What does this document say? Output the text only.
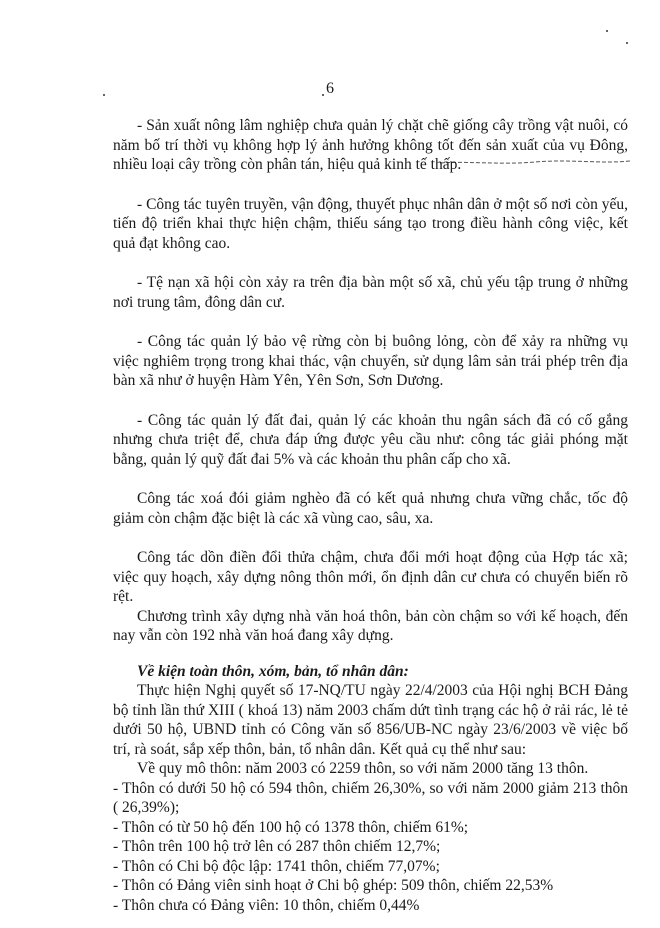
6

- Sản xuất nông lâm nghiệp chưa quản lý chặt chẽ giống cây trồng vật nuôi, có năm bố trí thời vụ không hợp lý ảnh hưởng không tốt đến sản xuất của vụ Đông, nhiều loại cây trồng còn phân tán, hiệu quả kinh tế thấp.

- Công tác tuyên truyền, vận động, thuyết phục nhân dân ở một số nơi còn yếu, tiến độ triển khai thực hiện chậm, thiếu sáng tạo trong điều hành công việc, kết quả đạt không cao.

- Tệ nạn xã hội còn xảy ra trên địa bàn một số xã, chủ yếu tập trung ở những nơi trung tâm, đông dân cư.

- Công tác quản lý bảo vệ rừng còn bị buông lỏng, còn để xảy ra những vụ việc nghiêm trọng trong khai thác, vận chuyển, sử dụng lâm sản trái phép trên địa bàn xã như ở huyện Hàm Yên, Yên Sơn, Sơn Dương.

- Công tác quản lý đất đai, quản lý các khoản thu ngân sách đã có cố gắng nhưng chưa triệt để, chưa đáp ứng được yêu cầu như: công tác giải phóng mặt bằng, quản lý quỹ đất đai 5% và các khoản thu phân cấp cho xã.

Công tác xoá đói giảm nghèo đã có kết quả nhưng chưa vững chắc, tốc độ giảm còn chậm đặc biệt là các xã vùng cao, sâu, xa.

Công tác dồn điền đổi thửa chậm, chưa đổi mới hoạt động của Hợp tác xã; việc quy hoạch, xây dựng nông thôn mới, ổn định dân cư chưa có chuyển biến rõ rệt.

Chương trình xây dựng nhà văn hoá thôn, bản còn chậm so với kế hoạch, đến nay vẫn còn 192 nhà văn hoá đang xây dựng.

Về kiện toàn thôn, xóm, bản, tổ nhân dân:

Thực hiện Nghị quyết số 17-NQ/TU ngày 22/4/2003 của Hội nghị BCH Đảng bộ tỉnh lần thứ XIII ( khoá 13) năm 2003 chấm dứt tình trạng các hộ ở rải rác, lẻ tẻ dưới 50 hộ, UBND tỉnh có Công văn số 856/UB-NC ngày 23/6/2003 về việc bố trí, rà soát, sắp xếp thôn, bản, tổ nhân dân. Kết quả cụ thể như sau:

Về quy mô thôn: năm 2003 có 2259 thôn, so với năm 2000 tăng 13 thôn.

- Thôn có dưới 50 hộ có 594 thôn, chiếm 26,30%, so với năm 2000 giảm 213 thôn ( 26,39%);

- Thôn có từ 50 hộ đến 100 hộ có 1378 thôn, chiếm 61%;

- Thôn trên 100 hộ trở lên có 287 thôn chiếm 12,7%;

- Thôn có Chi bộ độc lập: 1741 thôn, chiếm 77,07%;

- Thôn có Đảng viên sinh hoạt ở Chi bộ ghép: 509 thôn, chiếm 22,53%

- Thôn chưa có Đảng viên: 10 thôn, chiếm 0,44%
